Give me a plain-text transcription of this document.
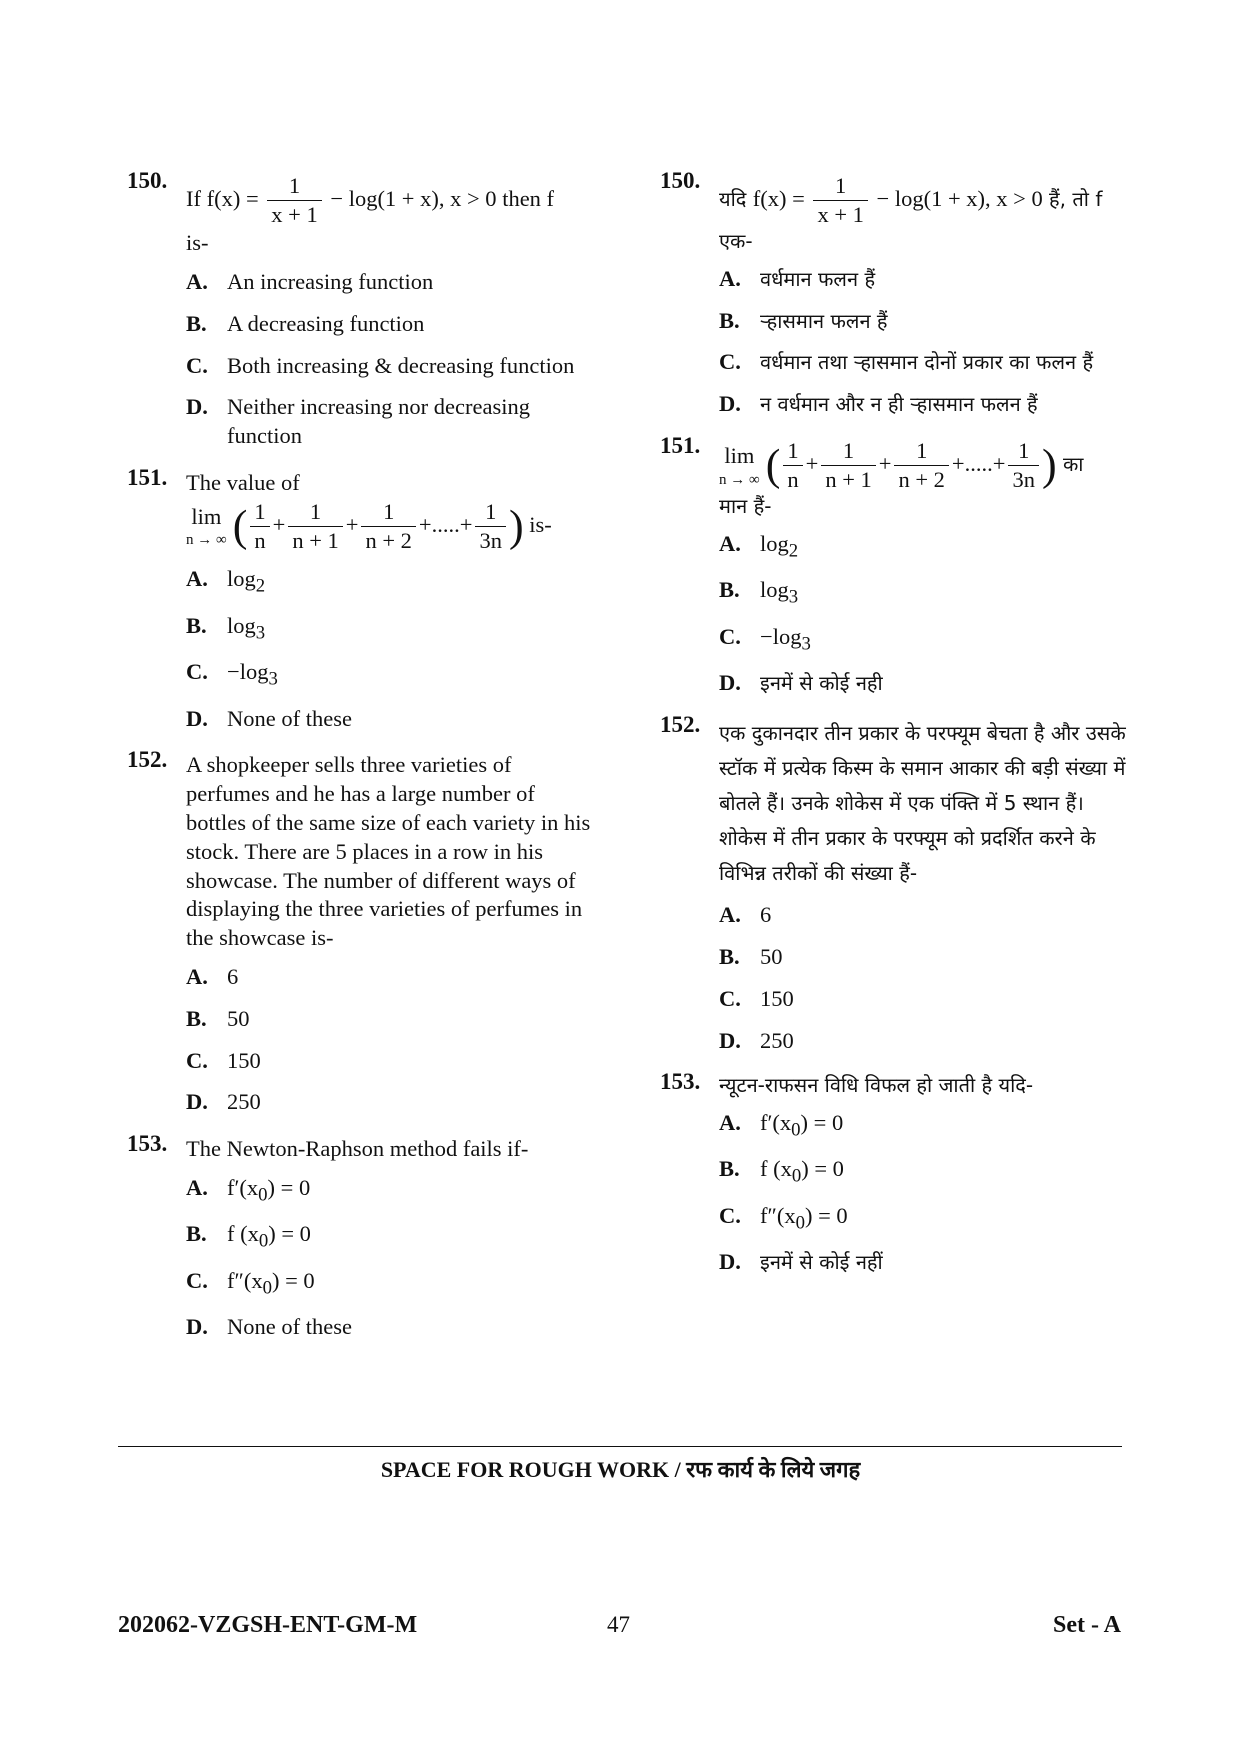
150.
If $f(x) = \frac{1}{x + 1} - \log(1 + x)$, x > 0 then f
is-
A. An increasing function
B. A decreasing function
C. Both increasing & decreasing function
D. Neither increasing nor decreasing function
151. The value of
lim
n → ∞ ( $\frac{1}{n} + \frac{1}{n + 1} + \frac{1}{n + 2}$ +.....+ $\frac{1}{3n}$ ) is-
A. $\log_2$
B. $\log_3$
C. $-\log_3$
D. None of these
152. A shopkeeper sells three varieties of perfumes and he has a large number of bottles of the same size of each variety in his stock. There are 5 places in a row in his showcase. The number of different ways of displaying the three varieties of perfumes in the showcase is-
A. 6
B. 50
C. 150
D. 250
153. The Newton-Raphson method fails if-
A. $f'(x_0) = 0$
B. f $(x_0) = 0$
C. $f''(x_0) = 0$
D. None of these
150.
यदि $f(x) = \frac{1}{x + 1} - \log(1 + x)$, x > 0 हैं, तो f
एक-
A. वर्धमान फलन हैं
B. ऱ्हासमान फलन हैं
C. वर्धमान तथा ऱ्हासमान दोनों प्रकार का फलन हैं
D. न वर्धमान और न ही ऱ्हासमान फलन हैं
151. lim
n → ∞ ( $\frac{1}{n} + \frac{1}{n + 1} + \frac{1}{n + 2}$ +.....+ $\frac{1}{3n}$ ) का
मान हैं-
A. $\log_2$
B. $\log_3$
C. $-\log_3$
D. इनमें से कोई नही
152. एक दुकानदार तीन प्रकार के परफ्यूम बेचता है और उसके स्टॉक में प्रत्येक किस्म के समान आकार की बड़ी संख्या में बोतले हैं। उनके शोकेस में एक पंक्ति में 5 स्थान हैं। शोकेस में तीन प्रकार के परफ्यूम को प्रदर्शित करने के विभिन्न तरीकों की संख्या हैं-
A. 6
B. 50
C. 150
D. 250
153. न्यूटन-राफसन विधि विफल हो जाती है यदि-
A. $f'(x_0) = 0$
B. f $(x_0) = 0$
C. $f''(x_0) = 0$
D. इनमें से कोई नहीं
SPACE FOR ROUGH WORK / रफ कार्य के लिये जगह
202062-VZGSH-ENT-GM-M	47	Set - A
